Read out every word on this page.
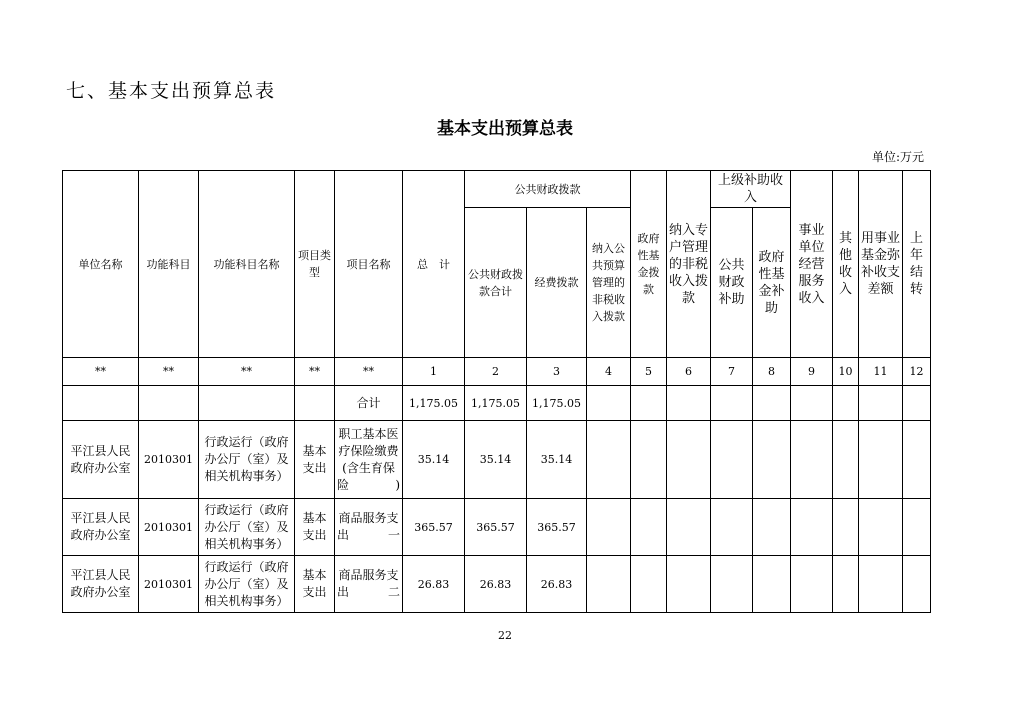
七、基本支出预算总表
基本支出预算总表
单位:万元
单位名称	功能科目	功能科目名称	项目类型	项目名称	总　计	公共财政拨款			政府性基金拨款	纳入专户管理的非税收入拨款	上级补助收入		事业单位经营服务收入	其他收入	用事业基金弥补收支差额	上年结转
						公共财政拨款合计	经费拨款	纳入公共预算管理的非税收入拨款			公共财政补助	政府性基金补助				
**	**	**	**	**	1	2	3	4	5	6	7	8	9	10	11	12
				合计	1,175.05	1,175.05	1,175.05									
平江县人民政府办公室	2010301	行政运行（政府办公厅（室）及相关机构事务）	基本支出	职工基本医疗保险缴费(含生育保险)	35.14	35.14	35.14									
平江县人民政府办公室	2010301	行政运行（政府办公厅（室）及相关机构事务）	基本支出	商品服务支出一	365.57	365.57	365.57									
平江县人民政府办公室	2010301	行政运行（政府办公厅（室）及相关机构事务）	基本支出	商品服务支出二	26.83	26.83	26.83									
22
